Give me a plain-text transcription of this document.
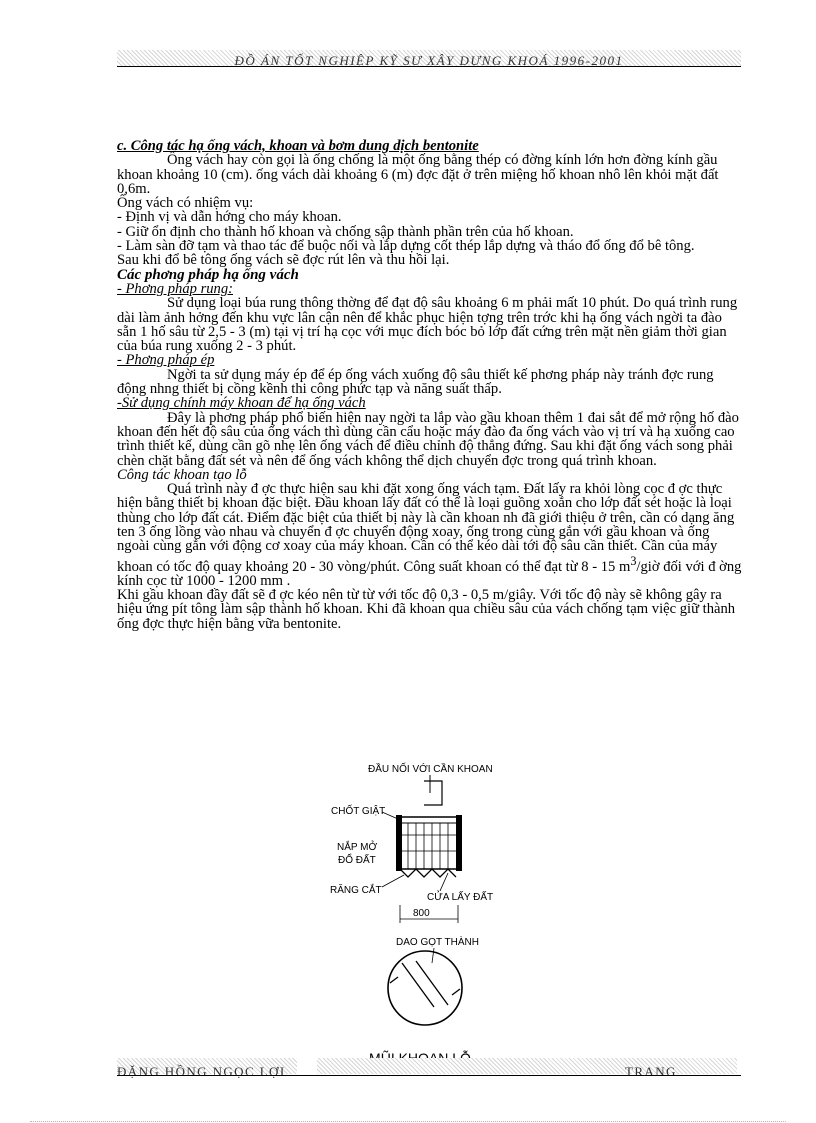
ĐỒ ÁN TỐT NGHIỆP KỸ SƯ XÂY DỰNG KHOÁ 1996-2001

c. Công tác hạ ống vách, khoan và bơm dung dịch bentonite

Ống vách hay còn gọi là ống chống là một ống bằng thép có đờng kính lớn hơn đờng kính gầu khoan khoảng 10 (cm). ống vách dài khoảng 6 (m) đợc đặt ở trên miệng hố khoan nhô lên khỏi mặt đất 0,6m.

Ống vách có nhiệm vụ:

- Định vị và dẫn hớng cho máy khoan.

- Giữ ổn định cho thành hố khoan và chống sập thành phần trên của hố khoan.

- Làm sàn đỡ tạm và thao tác để buộc nối và lắp dựng cốt thép lắp dựng và tháo đổ ống đổ bê tông.

Sau khi đổ bê tông ống vách sẽ đợc rút lên và thu hồi lại.

Các phơng pháp hạ ống vách

- Phơng pháp rung:

Sử dụng loại búa rung thông thờng để đạt độ sâu khoảng 6 m phải mất 10 phút. Do quá trình rung dài làm ảnh hởng đến khu vực lân cận nên để khắc phục hiện tợng trên trớc khi hạ ống vách ngời ta đào sẵn 1 hố sâu từ 2,5 - 3 (m) tại vị trí hạ cọc với mục đích bóc bỏ lớp đất cứng trên mặt nền giảm thời gian của búa rung xuống 2 - 3 phút.

- Phơng pháp ép

Ngời ta sử dụng máy ép để ép ống vách xuống độ sâu thiết kế phơng pháp này tránh đợc rung động nhng thiết bị cồng kềnh thi công phức tạp và năng suất thấp.

-Sử dụng chính máy khoan để hạ ống vách

Đây là phơng pháp phổ biến hiện nay ngời ta lắp vào gầu khoan thêm 1 đai sắt để mở rộng hố đào khoan đến hết độ sâu của ống vách thì dùng cần cẩu hoặc máy đào đa ống vách vào vị trí và hạ xuống cao trình thiết kế, dùng cần gõ nhẹ lên ống vách để điều chỉnh độ thẳng đứng. Sau khi đặt ống vách song phải chèn chặt bằng đất sét và nên để ống vách không thể dịch chuyển đợc trong quá trình khoan.

Công tác khoan tạo lỗ

Quá trình này đ ợc thực hiện sau khi đặt xong ống vách tạm. Đất lấy ra khỏi lòng cọc đ ợc thực hiện bằng thiết bị khoan đặc biệt. Đầu khoan lấy đất có thể là loại guồng xoắn cho lớp đất sét hoặc là loại thùng cho lớp đất cát. Điểm đặc biệt của thiết bị này là cần khoan nh đã giới thiệu ở trên, cần có dạng ăng ten 3 ống lồng vào nhau và chuyển đ ợc chuyển động xoay, ống trong cùng gắn với gầu khoan và ống ngoài cùng gắn với động cơ xoay của máy khoan. Cần có thể kéo dài tới độ sâu cần thiết. Cần của máy khoan có tốc độ quay khoảng 20 - 30 vòng/phút. Công suất khoan có thể đạt từ 8 - 15 $m^3$/giờ đối với đ ờng kính cọc từ 1000 - 1200 mm .

Khi gầu khoan đầy đất sẽ đ ợc kéo nên từ từ với tốc độ 0,3 - 0,5 m/giây. Với tốc độ này sẽ không gây ra hiệu ứng pít tông làm sập thành hố khoan. Khi đã khoan qua chiều sâu của vách chống tạm việc giữ thành ống đợc thực hiện bằng vữa bentonite.

ĐẦU NỐI VỚI CẦN KHOAN
CHỐT GIẬT
NẮP MỞ
ĐỔ ĐẤT
RĂNG CẮT
CỬA LẤY ĐẤT
800
DAO GỌT THÀNH
ĐẶNG HỒNG NGỌC LỢI	TRANG
